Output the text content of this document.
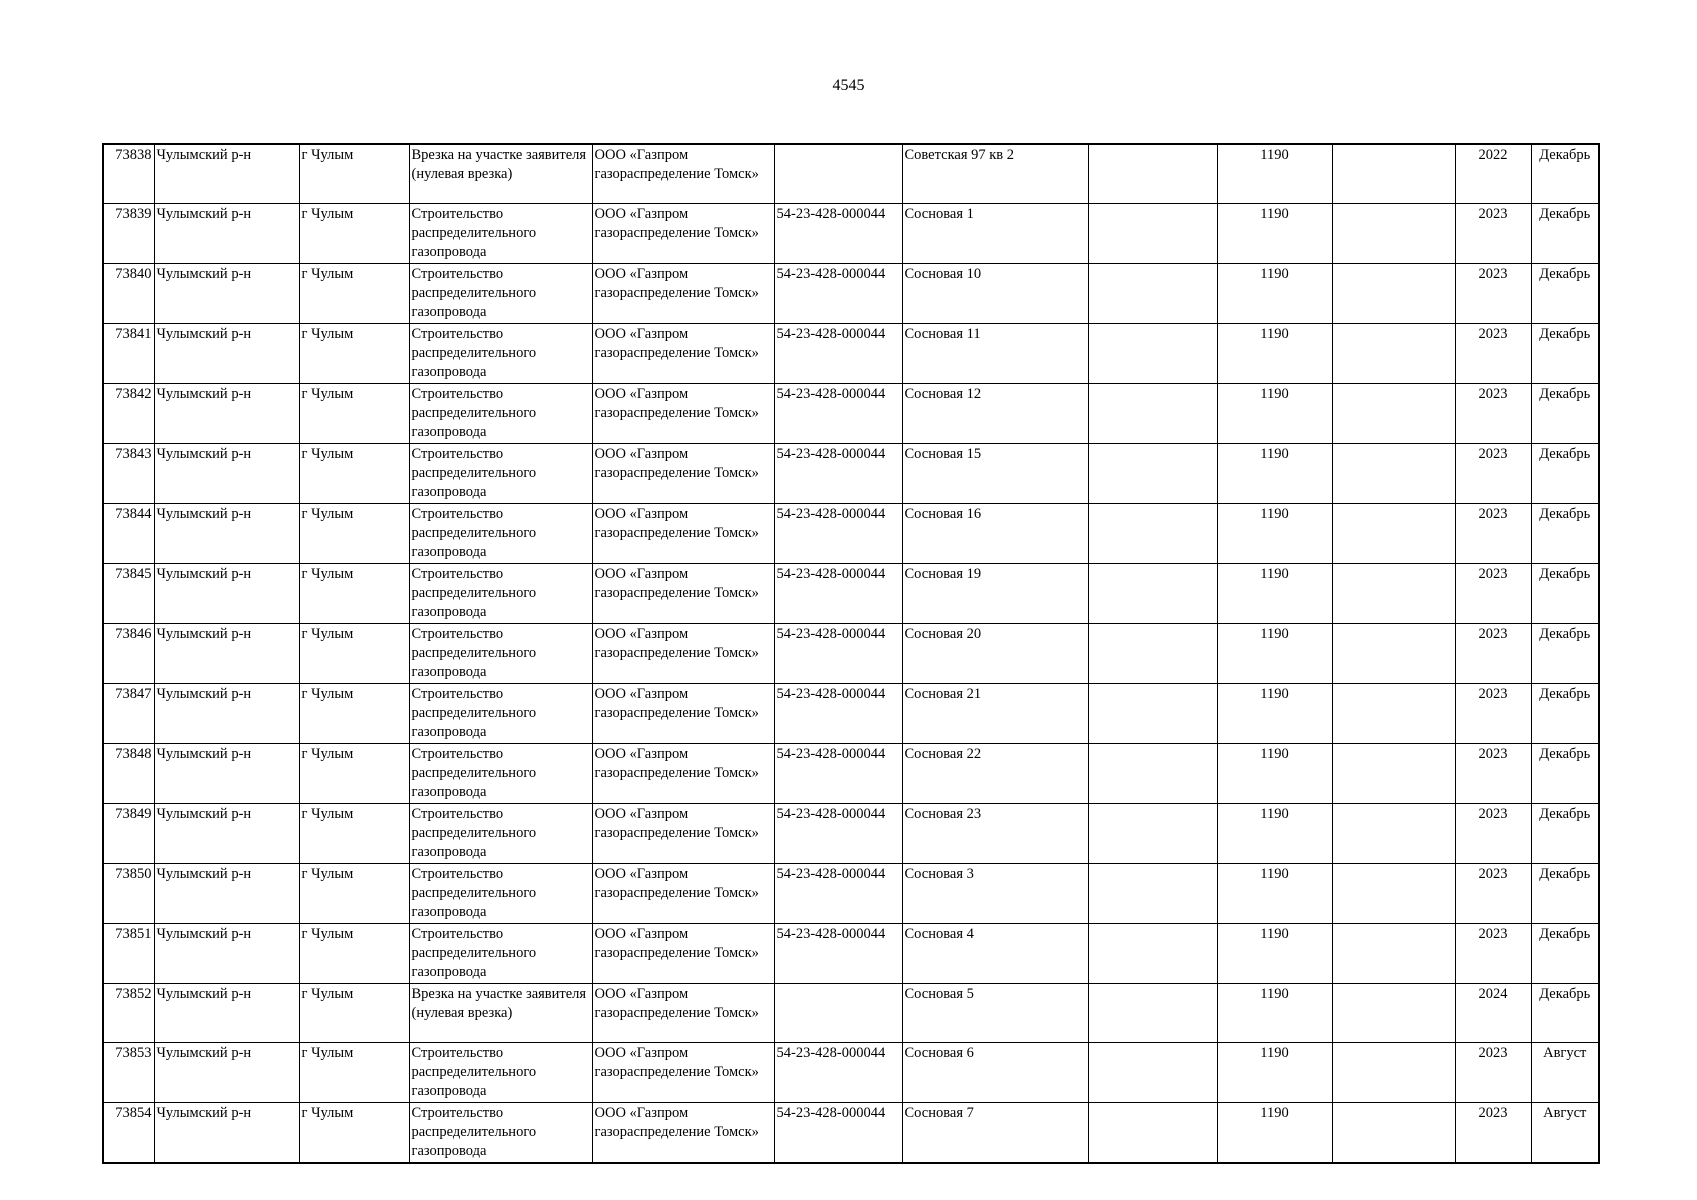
4545
73838	Чулымский р-н	г Чулым	Врезка на участке заявителя (нулевая врезка)	ООО «Газпром газораспределение Томск»		Советская 97 кв 2		1190		2022	Декабрь
73839	Чулымский р-н	г Чулым	Строительство распределительного газопровода	ООО «Газпром газораспределение Томск»	54-23-428-000044	Сосновая 1		1190		2023	Декабрь
73840	Чулымский р-н	г Чулым	Строительство распределительного газопровода	ООО «Газпром газораспределение Томск»	54-23-428-000044	Сосновая 10		1190		2023	Декабрь
73841	Чулымский р-н	г Чулым	Строительство распределительного газопровода	ООО «Газпром газораспределение Томск»	54-23-428-000044	Сосновая 11		1190		2023	Декабрь
73842	Чулымский р-н	г Чулым	Строительство распределительного газопровода	ООО «Газпром газораспределение Томск»	54-23-428-000044	Сосновая 12		1190		2023	Декабрь
73843	Чулымский р-н	г Чулым	Строительство распределительного газопровода	ООО «Газпром газораспределение Томск»	54-23-428-000044	Сосновая 15		1190		2023	Декабрь
73844	Чулымский р-н	г Чулым	Строительство распределительного газопровода	ООО «Газпром газораспределение Томск»	54-23-428-000044	Сосновая 16		1190		2023	Декабрь
73845	Чулымский р-н	г Чулым	Строительство распределительного газопровода	ООО «Газпром газораспределение Томск»	54-23-428-000044	Сосновая 19		1190		2023	Декабрь
73846	Чулымский р-н	г Чулым	Строительство распределительного газопровода	ООО «Газпром газораспределение Томск»	54-23-428-000044	Сосновая 20		1190		2023	Декабрь
73847	Чулымский р-н	г Чулым	Строительство распределительного газопровода	ООО «Газпром газораспределение Томск»	54-23-428-000044	Сосновая 21		1190		2023	Декабрь
73848	Чулымский р-н	г Чулым	Строительство распределительного газопровода	ООО «Газпром газораспределение Томск»	54-23-428-000044	Сосновая 22		1190		2023	Декабрь
73849	Чулымский р-н	г Чулым	Строительство распределительного газопровода	ООО «Газпром газораспределение Томск»	54-23-428-000044	Сосновая 23		1190		2023	Декабрь
73850	Чулымский р-н	г Чулым	Строительство распределительного газопровода	ООО «Газпром газораспределение Томск»	54-23-428-000044	Сосновая 3		1190		2023	Декабрь
73851	Чулымский р-н	г Чулым	Строительство распределительного газопровода	ООО «Газпром газораспределение Томск»	54-23-428-000044	Сосновая 4		1190		2023	Декабрь
73852	Чулымский р-н	г Чулым	Врезка на участке заявителя (нулевая врезка)	ООО «Газпром газораспределение Томск»		Сосновая 5		1190		2024	Декабрь
73853	Чулымский р-н	г Чулым	Строительство распределительного газопровода	ООО «Газпром газораспределение Томск»	54-23-428-000044	Сосновая 6		1190		2023	Август
73854	Чулымский р-н	г Чулым	Строительство распределительного газопровода	ООО «Газпром газораспределение Томск»	54-23-428-000044	Сосновая 7		1190		2023	Август
